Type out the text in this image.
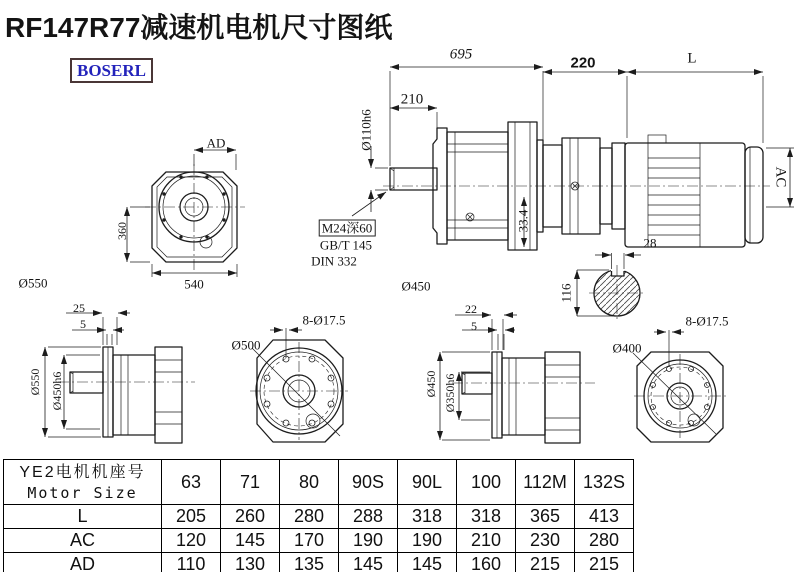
RF147R77减速机电机尺寸图纸
BOSERL
695
210
220	L
Ø110h6
M24深60
GB/T 145
DIN 332
33.4
AC
28
116
Ø450
Ø550
AD
360
540
25
5
Ø550 Ø450h6
8-Ø17.5
Ø500
22
5
Ø450 Ø350h6
Ø400
8-Ø17.5
YE2电机机座号
Motor Size	63	71	80	90S	90L	100	112M	132S
L	205	260	280	288	318	318	365	413
AC	120	145	170	190	190	210	230	280
AD	110	130	135	145	145	160	215	215
